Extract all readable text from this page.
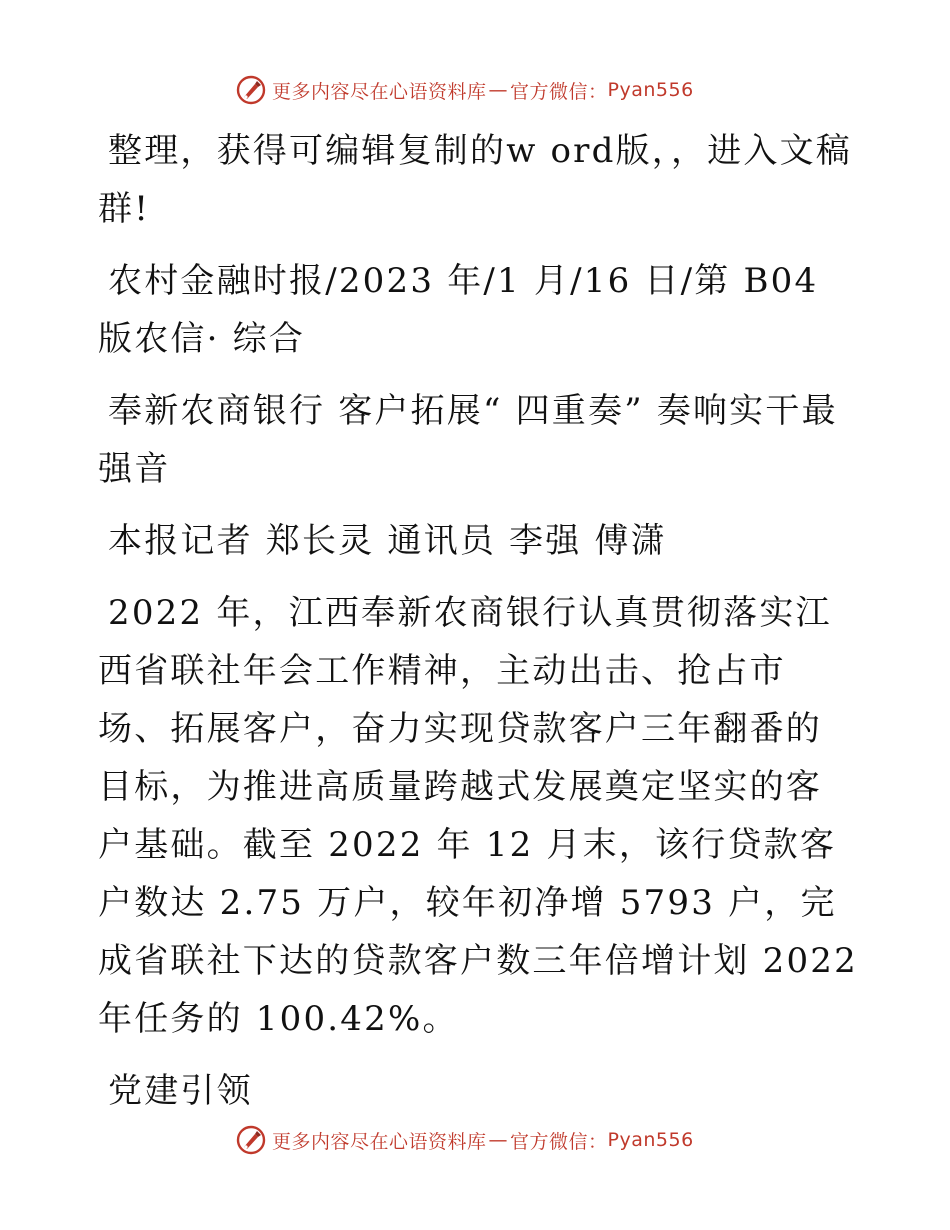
更多内容尽在心语资料库 — 官方微信： Pyan556

整理，获得可编辑复制的w ord版，，进入文稿群!

农村金融时报/2023 年/1 月/16 日/第 B04 版农信· 综合

奉新农商银行 客户拓展“ 四重奏” 奏响实干最强音

本报记者 郑长灵 通讯员 李强 傅潇

2022 年，江西奉新农商银行认真贯彻落实江西省联社年会工作精神，主动出击、抢占市场、拓展客户，奋力实现贷款客户三年翻番的目标，为推进高质量跨越式发展奠定坚实的客户基础。截至 2022 年 12 月末，该行贷款客户数达 2.75 万户，较年初净增 5793 户，完成省联社下达的贷款客户数三年倍增计划 2022 年任务的 100.42%。

党建引领

更多内容尽在心语资料库 — 官方微信： Pyan556
